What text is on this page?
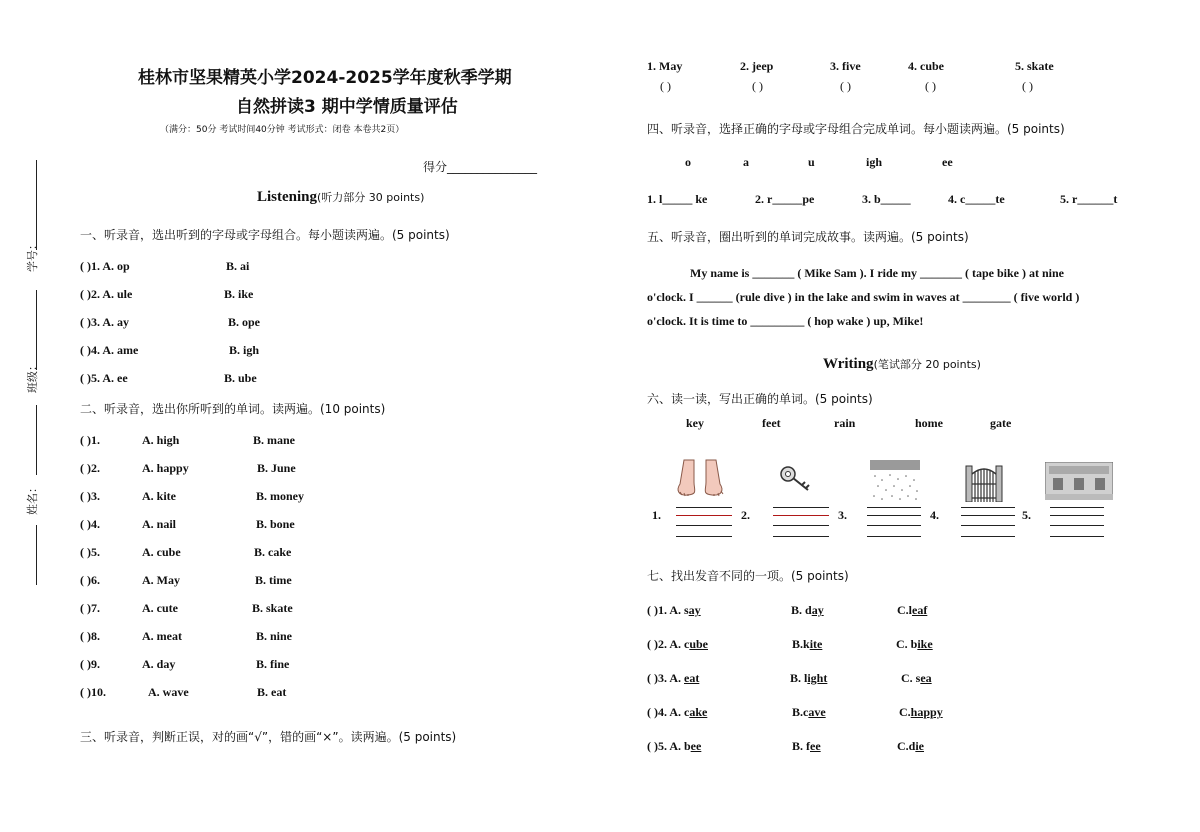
学号：
班级：
姓名：
桂林市坚果精英小学2024-2025学年度秋季学期
自然拼读3 期中学情质量评估
（满分：50分 考试时间40分钟 考试形式：闭卷 本卷共2页）
得分_______________
Listening(听力部分 30 points)
一、听录音，选出听到的字母或字母组合。每小题读两遍。(5 points)
( )1. A. op	B. ai
( )2. A. ule	B. ike
( )3. A. ay	B. ope
( )4. A. ame	B. igh
( )5. A. ee	B. ube
二、听录音，选出你所听到的单词。读两遍。(10 points)
( )1.	A. high	B. mane
( )2.	A. happy	B. June
( )3.	A. kite	B. money
( )4.	A. nail	B. bone
( )5.	A. cube	B. cake
( )6.	A. May	B. time
( )7.	A. cute	B. skate
( )8.	A. meat	B. nine
( )9.	A. day	B. fine
( )10.	A. wave	B. eat
三、听录音，判断正误，对的画“√”，错的画“×”。读两遍。(5 points)
1. May
( )
2. jeep
( )
3. five
( )
4. cube
( )
5. skate
( )
四、听录音，选择正确的字母或字母组合完成单词。每小题读两遍。(5 points)
o	a	u	igh	ee
1. l_____ ke	2. r_____pe	3. b_____	4. c_____te	5. r______t
五、听录音，圈出听到的单词完成故事。读两遍。(5 points)
My name is _______ ( Mike Sam ). I ride my _______ ( tape bike ) at nine
o'clock. I ______ (rule dive ) in the lake and swim in waves at ________ ( five world )
o'clock. It is time to _________ ( hop wake ) up, Mike!
Writing(笔试部分 20 points)
六、读一读，写出正确的单词。(5 points)
key	feet	rain	home	gate
1.	2.	3.	4.	5.
七、找出发音不同的一项。(5 points)
( )1. A. say	B. day	C.leaf
( )2. A. cube	B.kite	C. bike
( )3. A. eat	B. light	C. sea
( )4. A. cake	B.cave	C.happy
( )5. A. bee	B. fee	C.die
